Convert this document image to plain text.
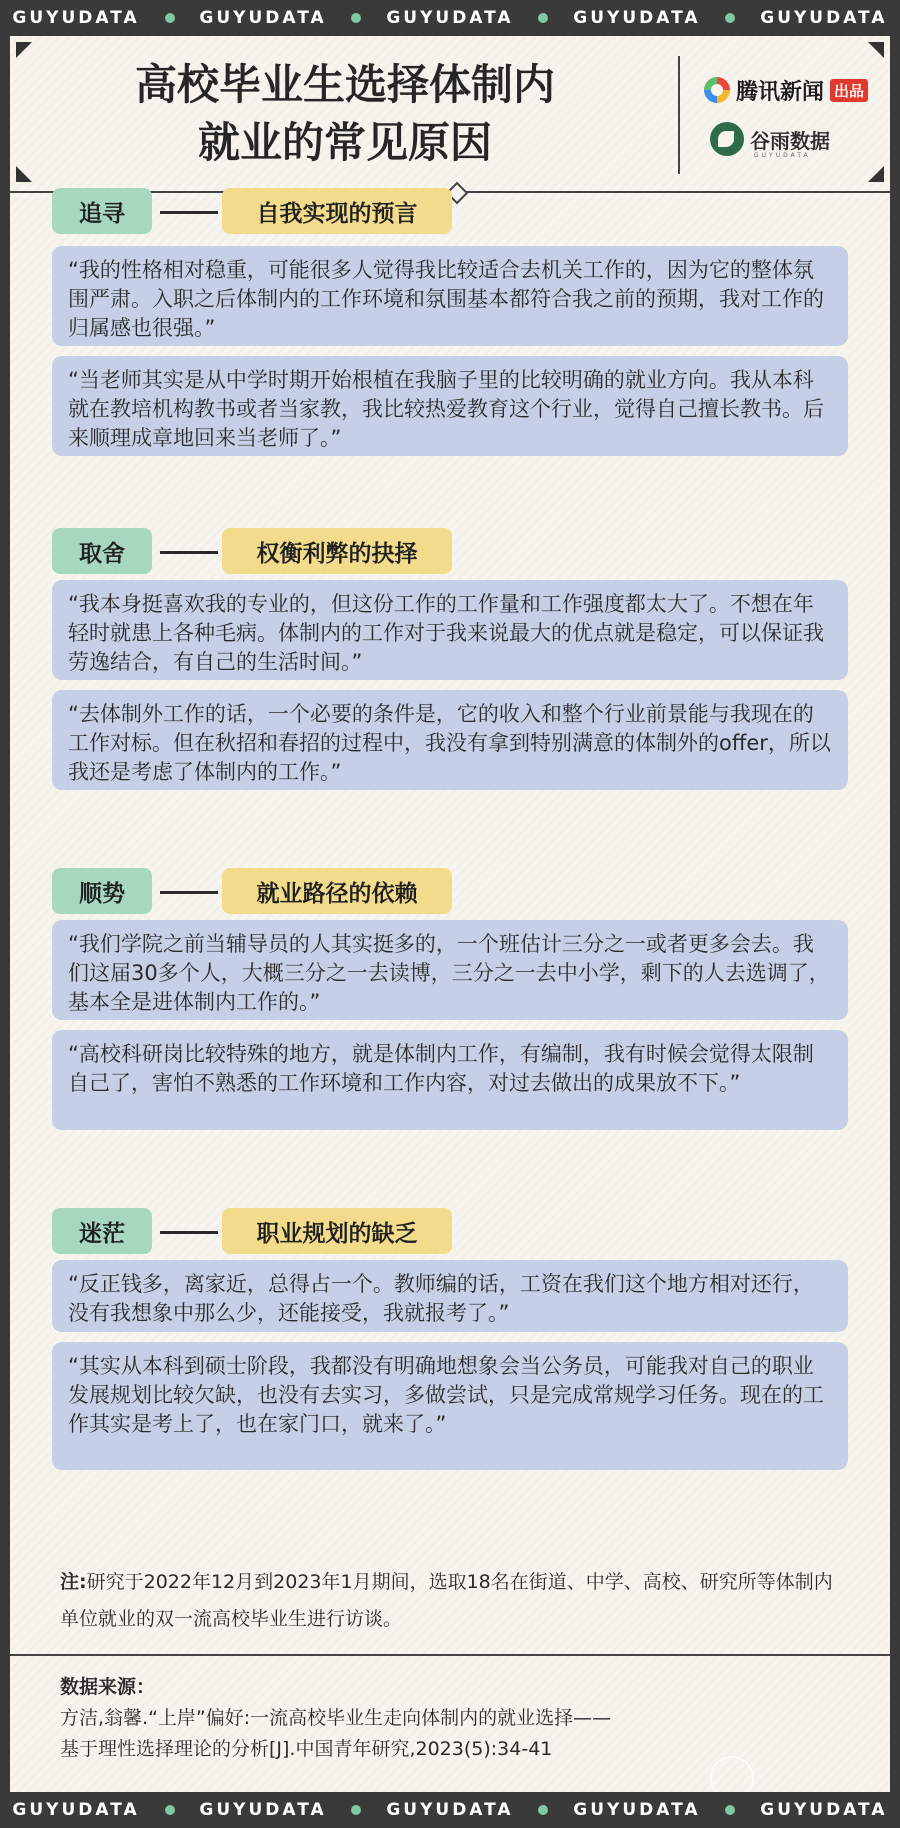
GUYUDATA	GUYUDATA	GUYUDATA	GUYUDATA	GUYUDATA
高校毕业生选择体制内
就业的常见原因
腾讯新闻 出品
谷雨数据
GUYUDATA
追寻	自我实现的预言
“我的性格相对稳重，可能很多人觉得我比较适合去机关工作的，因为它的整体氛围严肃。入职之后体制内的工作环境和氛围基本都符合我之前的预期，我对工作的归属感也很强。”
“当老师其实是从中学时期开始根植在我脑子里的比较明确的就业方向。我从本科就在教培机构教书或者当家教，我比较热爱教育这个行业，觉得自己擅长教书。后来顺理成章地回来当老师了。”
取舍	权衡利弊的抉择
“我本身挺喜欢我的专业的，但这份工作的工作量和工作强度都太大了。不想在年轻时就患上各种毛病。体制内的工作对于我来说最大的优点就是稳定，可以保证我劳逸结合，有自己的生活时间。”
“去体制外工作的话，一个必要的条件是，它的收入和整个行业前景能与我现在的工作对标。但在秋招和春招的过程中，我没有拿到特别满意的体制外的offer，所以我还是考虑了体制内的工作。”
顺势	就业路径的依赖
“我们学院之前当辅导员的人其实挺多的，一个班估计三分之一或者更多会去。我们这届30多个人，大概三分之一去读博，三分之一去中小学，剩下的人去选调了，基本全是进体制内工作的。”
“高校科研岗比较特殊的地方，就是体制内工作，有编制，我有时候会觉得太限制自己了，害怕不熟悉的工作环境和工作内容，对过去做出的成果放不下。”
迷茫	职业规划的缺乏
“反正钱多，离家近，总得占一个。教师编的话，工资在我们这个地方相对还行，没有我想象中那么少，还能接受，我就报考了。”
“其实从本科到硕士阶段，我都没有明确地想象会当公务员，可能我对自己的职业发展规划比较欠缺，也没有去实习，多做尝试，只是完成常规学习任务。现在的工作其实是考上了，也在家门口，就来了。”
注:研究于2022年12月到2023年1月期间，选取18名在街道、中学、高校、研究所等体制内单位就业的双一流高校毕业生进行访谈。
数据来源：
方洁,翁馨.“上岸”偏好:一流高校毕业生走向体制内的就业选择——
基于理性选择理论的分析[J].中国青年研究,2023(5):34-41
GUYUDATA	GUYUDATA	GUYUDATA	GUYUDATA	GUYUDATA
